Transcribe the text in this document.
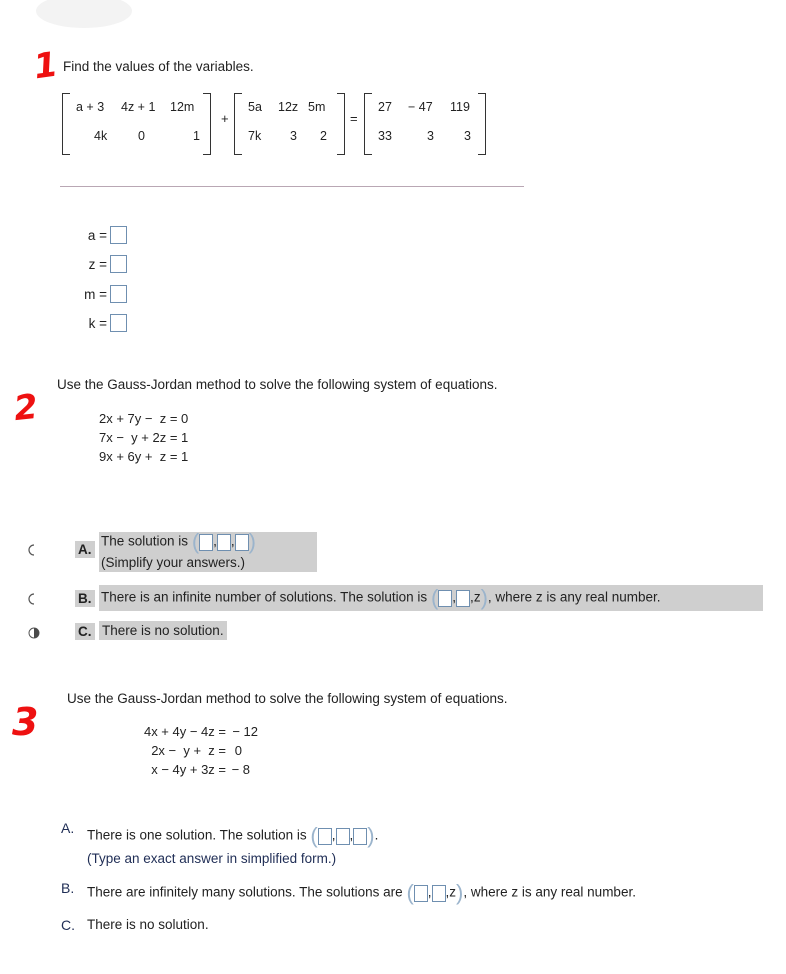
1 Find the values of the variables.
a + 3 4z + 1 12m
4k 0	1
+
5a 12z 5m
7k 3 2
=
27 − 47 119
33	3 3
a =
z =
m =
k =
2
Use the Gauss-Jordan method to solve the following system of equations.
2x + 7y −  z = 0
7x −  y + 2z = 1
9x + 6y +  z = 1
A.
The solution is ( , , )
(Simplify your answers.)
B. There is an infinite number of solutions. The solution is ( , ,z), where z is any real number.
C. There is no solution.
3
Use the Gauss-Jordan method to solve the following system of equations.
4x + 4y − 4z = − 12
2x −  y +  z = 0
x − 4y + 3z = − 8
A. There is one solution. The solution is ( , , ).
(Type an exact answer in simplified form.)
B. There are infinitely many solutions. The solutions are ( , ,z), where z is any real number.
C. There is no solution.
